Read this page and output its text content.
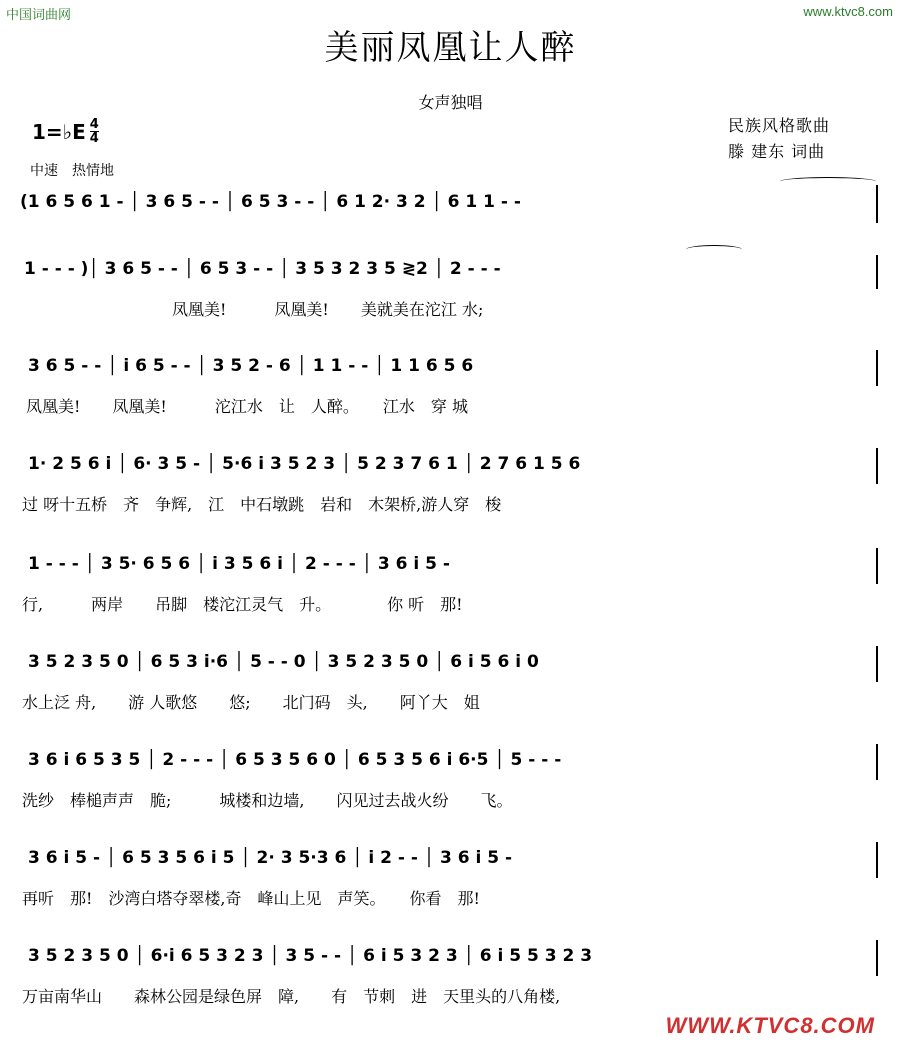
中国词曲网	www.ktvc8.com
美丽凤凰让人醉
女声独唱
1=♭E $\frac{4}{4}$
中速　热情地
民族风格歌曲
滕 建东 词曲
(1 6 5 6 1 - │ 3 6 5 - - │ 6 5 3 - - │ 6 1 2· 3 2 │ 6 1 1 - -
1 - - - )│ 3 6 5 - - │ 6 5 3 - - │ 3 5 3 2 3 5 ≷2 │ 2 - - -
凤凰美!　　　凤凰美!　　美就美在沱江 水;
3 6 5 - - │ i 6 5 - - │ 3 5 2 - 6 │ 1 1 - - │ 1 1 6 5 6
凤凰美!　　凤凰美!　　　沱江水　让　人醉。　　江水　穿 城
1· 2 5 6 i │ 6· 3 5 - │ 5·6 i 3 5 2 3 │ 5 2 3 7 6 1 │ 2 7 6 1 5 6
过 呀十五桥　齐　争辉,　江　中石墩跳　岩和　木架桥,游人穿　梭
1 - - - │ 3 5· 6 5 6 │ i 3 5 6 i │ 2 - - - │ 3 6 i 5 -
行,　　　两岸　　吊脚　楼沱江灵气　升。　　　　你 听　那!
3 5 2 3 5 0 │ 6 5 3 i·6 │ 5 - - 0 │ 3 5 2 3 5 0 │ 6 i 5 6 i 0
水上泛 舟,　　游 人歌悠　　悠;　　北门码　头,　　阿丫大　姐
3 6 i 6 5 3 5 │ 2 - - - │ 6 5 3 5 6 0 │ 6 5 3 5 6 i 6·5 │ 5 - - -
洗纱　棒槌声声　脆;　　　城楼和边墙,　　闪见过去战火纷　　飞。
3 6 i 5 - │ 6 5 3 5 6 i 5 │ 2· 3 5·3 6 │ i 2 - - │ 3 6 i 5 -
再听　那!　沙湾白塔夺翠楼,奇　峰山上见　声笑。　　你看　那!
3 5 2 3 5 0 │ 6·i 6 5 3 2 3 │ 3 5 - - │ 6 i 5 3 2 3 │ 6 i 5 5 3 2 3
万亩南华山　　森林公园是绿色屏　障,　　有　节刺　进　天里头的八角楼,
WWW.KTVC8.COM
